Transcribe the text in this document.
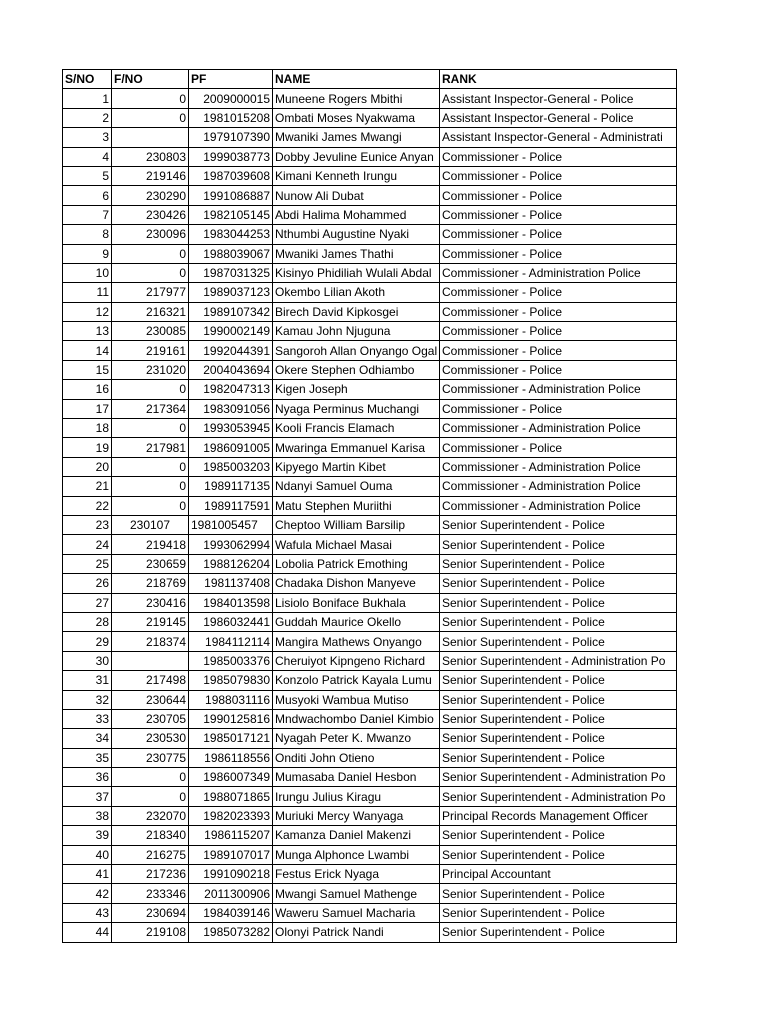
S/NO	F/NO	PF	NAME	RANK
1	0	2009000015	Muneene Rogers Mbithi	Assistant Inspector-General - Police
2	0	1981015208	Ombati Moses Nyakwama	Assistant Inspector-General - Police
3		1979107390	Mwaniki James Mwangi	Assistant Inspector-General - Administrati
4	230803	1999038773	Dobby Jevuline Eunice Anyan	Commissioner - Police
5	219146	1987039608	Kimani Kenneth Irungu	Commissioner - Police
6	230290	1991086887	Nunow Ali Dubat	Commissioner - Police
7	230426	1982105145	Abdi Halima Mohammed	Commissioner - Police
8	230096	1983044253	Nthumbi Augustine Nyaki	Commissioner - Police
9	0	1988039067	Mwaniki James Thathi	Commissioner - Police
10	0	1987031325	Kisinyo Phidiliah Wulali Abdal	Commissioner - Administration Police
11	217977	1989037123	Okembo Lilian Akoth	Commissioner - Police
12	216321	1989107342	Birech David Kipkosgei	Commissioner - Police
13	230085	1990002149	Kamau John Njuguna	Commissioner - Police
14	219161	1992044391	Sangoroh Allan Onyango Ogal	Commissioner - Police
15	231020	2004043694	Okere Stephen Odhiambo	Commissioner - Police
16	0	1982047313	Kigen Joseph	Commissioner - Administration Police
17	217364	1983091056	Nyaga Perminus Muchangi	Commissioner - Police
18	0	1993053945	Kooli Francis Elamach	Commissioner - Administration Police
19	217981	1986091005	Mwaringa Emmanuel Karisa	Commissioner - Police
20	0	1985003203	Kipyego Martin Kibet	Commissioner - Administration Police
21	0	1989117135	Ndanyi Samuel Ouma	Commissioner - Administration Police
22	0	1989117591	Matu Stephen Muriithi	Commissioner - Administration Police
23	230107	1981005457	Cheptoo William Barsilip	Senior Superintendent - Police
24	219418	1993062994	Wafula Michael Masai	Senior Superintendent - Police
25	230659	1988126204	Lobolia Patrick Emothing	Senior Superintendent - Police
26	218769	1981137408	Chadaka Dishon Manyeve	Senior Superintendent - Police
27	230416	1984013598	Lisiolo Boniface Bukhala	Senior Superintendent - Police
28	219145	1986032441	Guddah Maurice Okello	Senior Superintendent - Police
29	218374	1984112114	Mangira Mathews Onyango	Senior Superintendent - Police
30		1985003376	Cheruiyot Kipngeno Richard	Senior Superintendent - Administration Po
31	217498	1985079830	Konzolo Patrick Kayala Lumu	Senior Superintendent - Police
32	230644	1988031116	Musyoki Wambua Mutiso	Senior Superintendent - Police
33	230705	1990125816	Mndwachombo Daniel Kimbio	Senior Superintendent - Police
34	230530	1985017121	Nyagah Peter K. Mwanzo	Senior Superintendent - Police
35	230775	1986118556	Onditi John Otieno	Senior Superintendent - Police
36	0	1986007349	Mumasaba Daniel Hesbon	Senior Superintendent - Administration Po
37	0	1988071865	Irungu Julius Kiragu	Senior Superintendent - Administration Po
38	232070	1982023393	Muriuki Mercy Wanyaga	Principal Records Management Officer
39	218340	1986115207	Kamanza Daniel Makenzi	Senior Superintendent - Police
40	216275	1989107017	Munga Alphonce Lwambi	Senior Superintendent - Police
41	217236	1991090218	Festus Erick Nyaga	Principal Accountant
42	233346	2011300906	Mwangi Samuel Mathenge	Senior Superintendent - Police
43	230694	1984039146	Waweru Samuel Macharia	Senior Superintendent - Police
44	219108	1985073282	Olonyi Patrick Nandi	Senior Superintendent - Police
